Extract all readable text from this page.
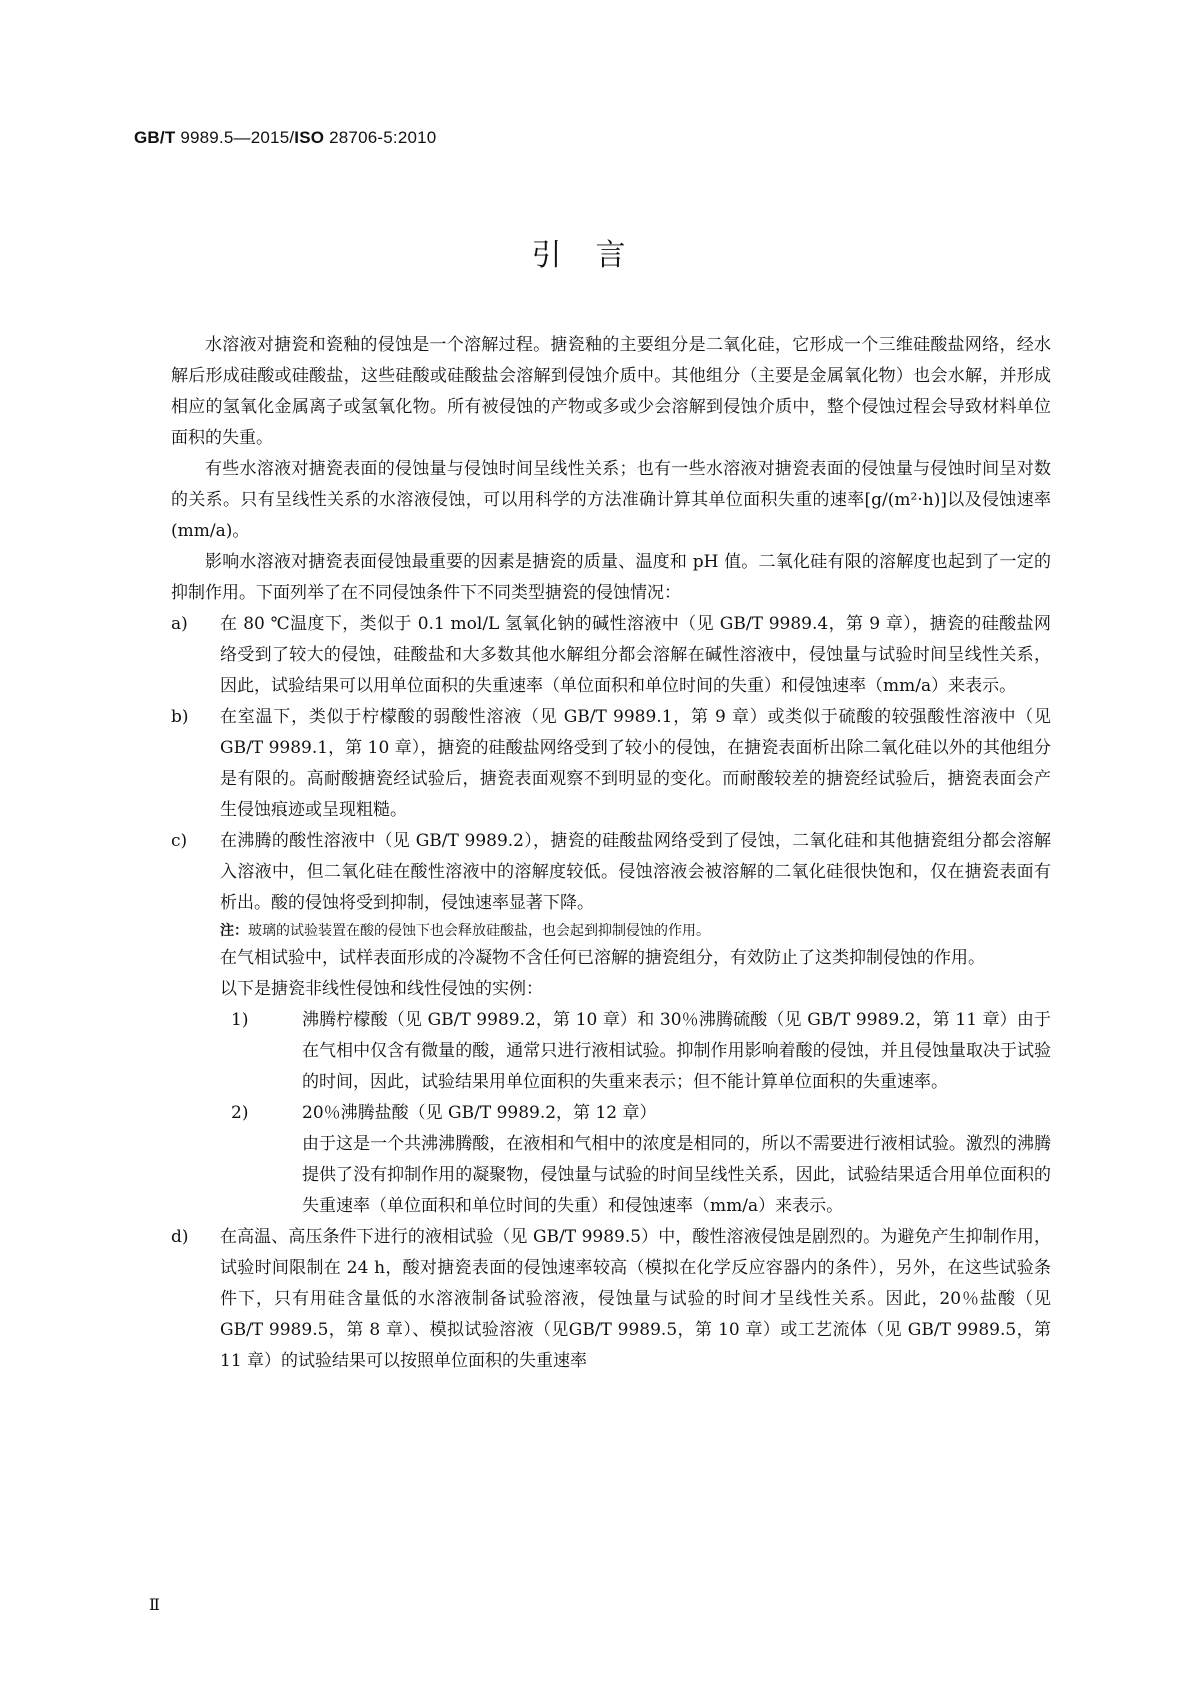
GB/T 9989.5—2015/ISO 28706-5:2010
引言

水溶液对搪瓷和瓷釉的侵蚀是一个溶解过程。搪瓷釉的主要组分是二氧化硅，它形成一个三维硅酸盐网络，经水解后形成硅酸或硅酸盐，这些硅酸或硅酸盐会溶解到侵蚀介质中。其他组分（主要是金属氧化物）也会水解，并形成相应的氢氧化金属离子或氢氧化物。所有被侵蚀的产物或多或少会溶解到侵蚀介质中，整个侵蚀过程会导致材料单位面积的失重。

有些水溶液对搪瓷表面的侵蚀量与侵蚀时间呈线性关系；也有一些水溶液对搪瓷表面的侵蚀量与侵蚀时间呈对数的关系。只有呈线性关系的水溶液侵蚀，可以用科学的方法准确计算其单位面积失重的速率[g/(m²·h)]以及侵蚀速率(mm/a)。

影响水溶液对搪瓷表面侵蚀最重要的因素是搪瓷的质量、温度和 pH 值。二氧化硅有限的溶解度也起到了一定的抑制作用。下面列举了在不同侵蚀条件下不同类型搪瓷的侵蚀情况：

a) 在 80 ℃温度下，类似于 0.1 mol/L 氢氧化钠的碱性溶液中（见 GB/T 9989.4，第 9 章），搪瓷的硅酸盐网络受到了较大的侵蚀，硅酸盐和大多数其他水解组分都会溶解在碱性溶液中，侵蚀量与试验时间呈线性关系，因此，试验结果可以用单位面积的失重速率（单位面积和单位时间的失重）和侵蚀速率（mm/a）来表示。

b) 在室温下，类似于柠檬酸的弱酸性溶液（见 GB/T 9989.1，第 9 章）或类似于硫酸的较强酸性溶液中（见 GB/T 9989.1，第 10 章），搪瓷的硅酸盐网络受到了较小的侵蚀，在搪瓷表面析出除二氧化硅以外的其他组分是有限的。高耐酸搪瓷经试验后，搪瓷表面观察不到明显的变化。而耐酸较差的搪瓷经试验后，搪瓷表面会产生侵蚀痕迹或呈现粗糙。

c) 在沸腾的酸性溶液中（见 GB/T 9989.2），搪瓷的硅酸盐网络受到了侵蚀，二氧化硅和其他搪瓷组分都会溶解入溶液中，但二氧化硅在酸性溶液中的溶解度较低。侵蚀溶液会被溶解的二氧化硅很快饱和，仅在搪瓷表面有析出。酸的侵蚀将受到抑制，侵蚀速率显著下降。

注：玻璃的试验装置在酸的侵蚀下也会释放硅酸盐，也会起到抑制侵蚀的作用。

在气相试验中，试样表面形成的冷凝物不含任何已溶解的搪瓷组分，有效防止了这类抑制侵蚀的作用。

以下是搪瓷非线性侵蚀和线性侵蚀的实例：

1)	沸腾柠檬酸（见 GB/T 9989.2，第 10 章）和 30％沸腾硫酸（见 GB/T 9989.2，第 11 章）由于在气相中仅含有微量的酸，通常只进行液相试验。抑制作用影响着酸的侵蚀，并且侵蚀量取决于试验的时间，因此，试验结果用单位面积的失重来表示；但不能计算单位面积的失重速率。

2)	20％沸腾盐酸（见 GB/T 9989.2，第 12 章）

由于这是一个共沸沸腾酸，在液相和气相中的浓度是相同的，所以不需要进行液相试验。激烈的沸腾提供了没有抑制作用的凝聚物，侵蚀量与试验的时间呈线性关系，因此，试验结果适合用单位面积的失重速率（单位面积和单位时间的失重）和侵蚀速率（mm/a）来表示。

d) 在高温、高压条件下进行的液相试验（见 GB/T 9989.5）中，酸性溶液侵蚀是剧烈的。为避免产生抑制作用，试验时间限制在 24 h，酸对搪瓷表面的侵蚀速率较高（模拟在化学反应容器内的条件），另外，在这些试验条件下，只有用硅含量低的水溶液制备试验溶液，侵蚀量与试验的时间才呈线性关系。因此，20％盐酸（见 GB/T 9989.5，第 8 章）、模拟试验溶液（见GB/T 9989.5，第 10 章）或工艺流体（见 GB/T 9989.5，第 11 章）的试验结果可以按照单位面积的失重速率

Ⅱ
